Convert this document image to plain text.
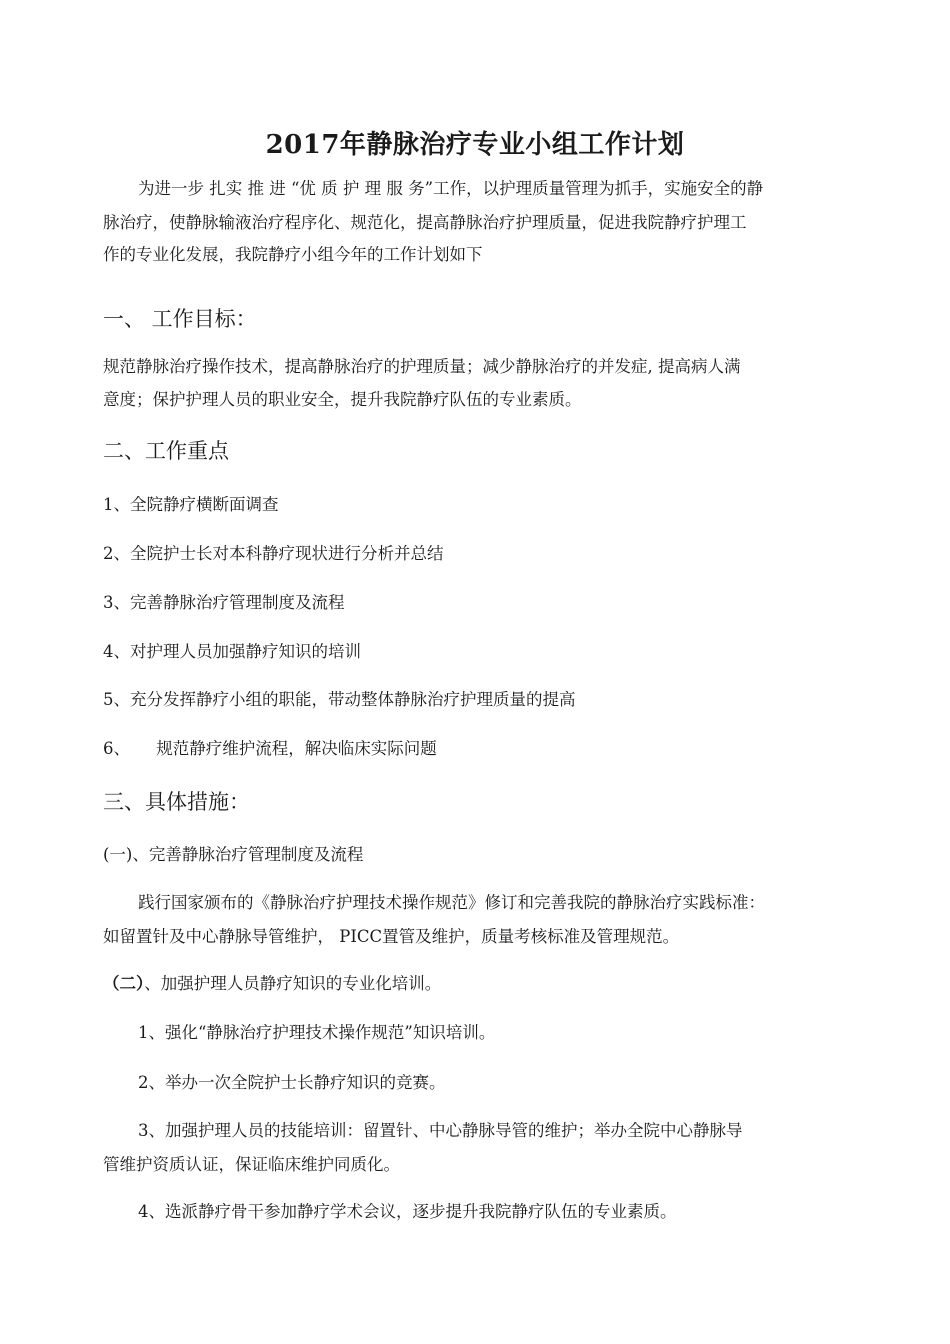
2017年静脉治疗专业小组工作计划
为进一步 扎实 推 进 “优 质 护 理 服 务”工作，以护理质量管理为抓手，实施安全的静
脉治疗，使静脉输液治疗程序化、规范化，提高静脉治疗护理质量，促进我院静疗护理工
作的专业化发展，我院静疗小组今年的工作计划如下
一、 工作目标：
规范静脉治疗操作技术，提高静脉治疗的护理质量；减少静脉治疗的并发症, 提高病人满
意度；保护护理人员的职业安全，提升我院静疗队伍的专业素质。
二、工作重点
1、全院静疗横断面调查
2、全院护士长对本科静疗现状进行分析并总结
3、完善静脉治疗管理制度及流程
4、对护理人员加强静疗知识的培训
5、充分发挥静疗小组的职能，带动整体静脉治疗护理质量的提高
6、     规范静疗维护流程，解决临床实际问题
三、具体措施：
(一)、完善静脉治疗管理制度及流程
践行国家颁布的《静脉治疗护理技术操作规范》修订和完善我院的静脉治疗实践标准：
如留置针及中心静脉导管维护， PICC置管及维护，质量考核标准及管理规范。
（二）、加强护理人员静疗知识的专业化培训。
1、强化“静脉治疗护理技术操作规范”知识培训。
2、举办一次全院护士长静疗知识的竞赛。
3、加强护理人员的技能培训：留置针、中心静脉导管的维护；举办全院中心静脉导
管维护资质认证，保证临床维护同质化。
4、选派静疗骨干参加静疗学术会议，逐步提升我院静疗队伍的专业素质。
